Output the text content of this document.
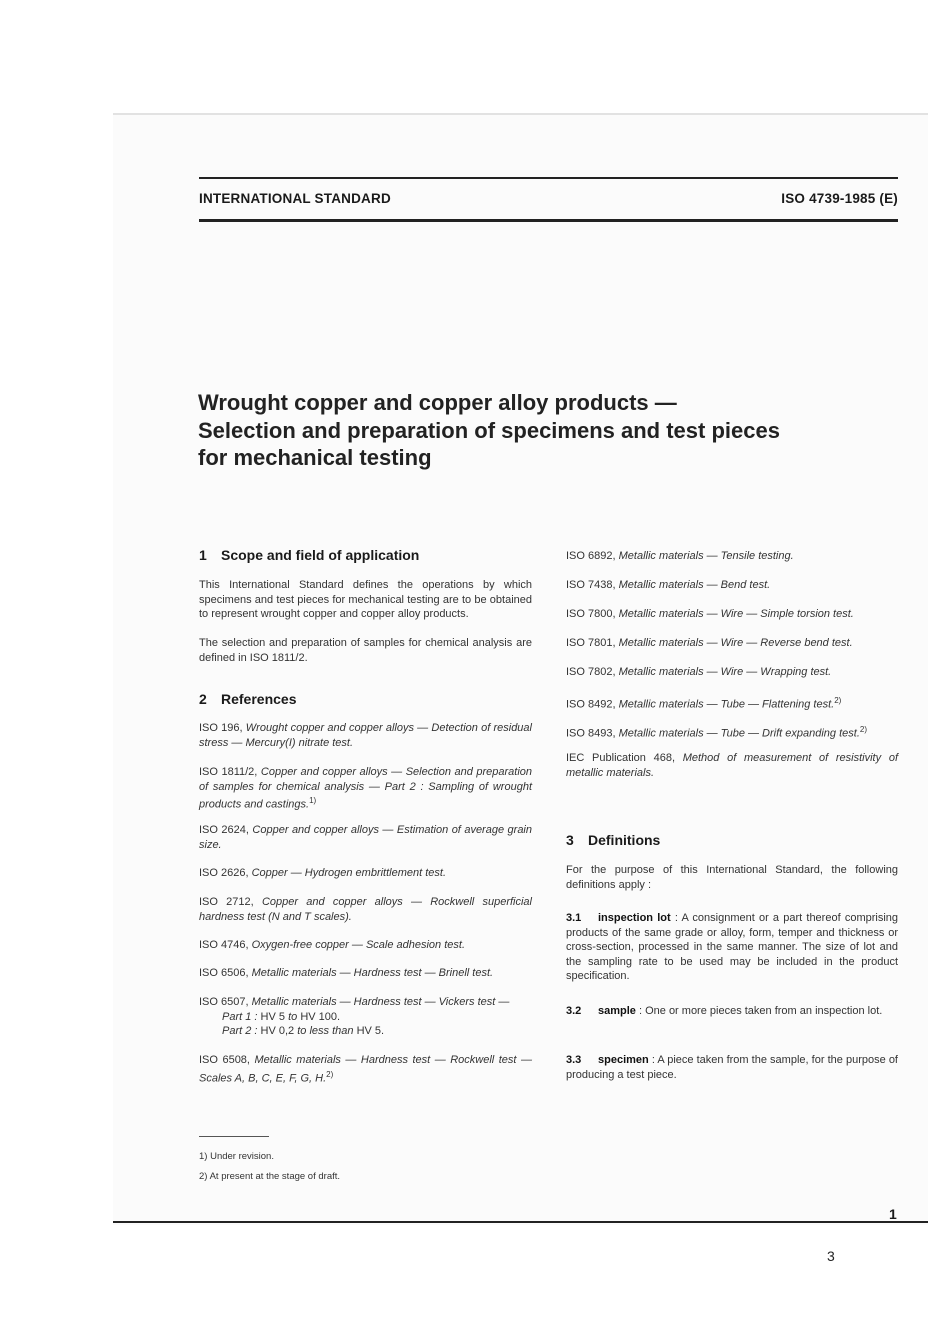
INTERNATIONAL STANDARD	ISO 4739-1985 (E)
Wrought copper and copper alloy products —
Selection and preparation of specimens and test pieces
for mechanical testing
1 Scope and field of application
This International Standard defines the operations by which specimens and test pieces for mechanical testing are to be obtained to represent wrought copper and copper alloy products.
The selection and preparation of samples for chemical analysis are defined in ISO 1811/2.
2 References
ISO 196, Wrought copper and copper alloys — Detection of residual stress — Mercury(I) nitrate test.
ISO 1811/2, Copper and copper alloys — Selection and preparation of samples for chemical analysis — Part 2 : Sampling of wrought products and castings.$^{1)}$
ISO 2624, Copper and copper alloys — Estimation of average grain size.
ISO 2626, Copper — Hydrogen embrittlement test.
ISO 2712, Copper and copper alloys — Rockwell superficial hardness test (N and T scales).
ISO 4746, Oxygen-free copper — Scale adhesion test.
ISO 6506, Metallic materials — Hardness test — Brinell test.
ISO 6507, Metallic materials — Hardness test — Vickers test —
Part 1 : HV 5 to HV 100.
Part 2 : HV 0,2 to less than HV 5.
ISO 6508, Metallic materials — Hardness test — Rockwell test — Scales A, B, C, E, F, G, H.$^{2)}$
ISO 6892, Metallic materials — Tensile testing.
ISO 7438, Metallic materials — Bend test.
ISO 7800, Metallic materials — Wire — Simple torsion test.
ISO 7801, Metallic materials — Wire — Reverse bend test.
ISO 7802, Metallic materials — Wire — Wrapping test.
ISO 8492, Metallic materials — Tube — Flattening test.$^{2)}$
ISO 8493, Metallic materials — Tube — Drift expanding test.$^{2)}$
IEC Publication 468, Method of measurement of resistivity of metallic materials.
3 Definitions
For the purpose of this International Standard, the following definitions apply :
3.1 inspection lot : A consignment or a part thereof comprising products of the same grade or alloy, form, temper and thickness or cross-section, processed in the same manner. The size of lot and the sampling rate to be used may be included in the product specification.
3.2 sample : One or more pieces taken from an inspection lot.
3.3 specimen : A piece taken from the sample, for the purpose of producing a test piece.
1) Under revision.
2) At present at the stage of draft.
1
3
